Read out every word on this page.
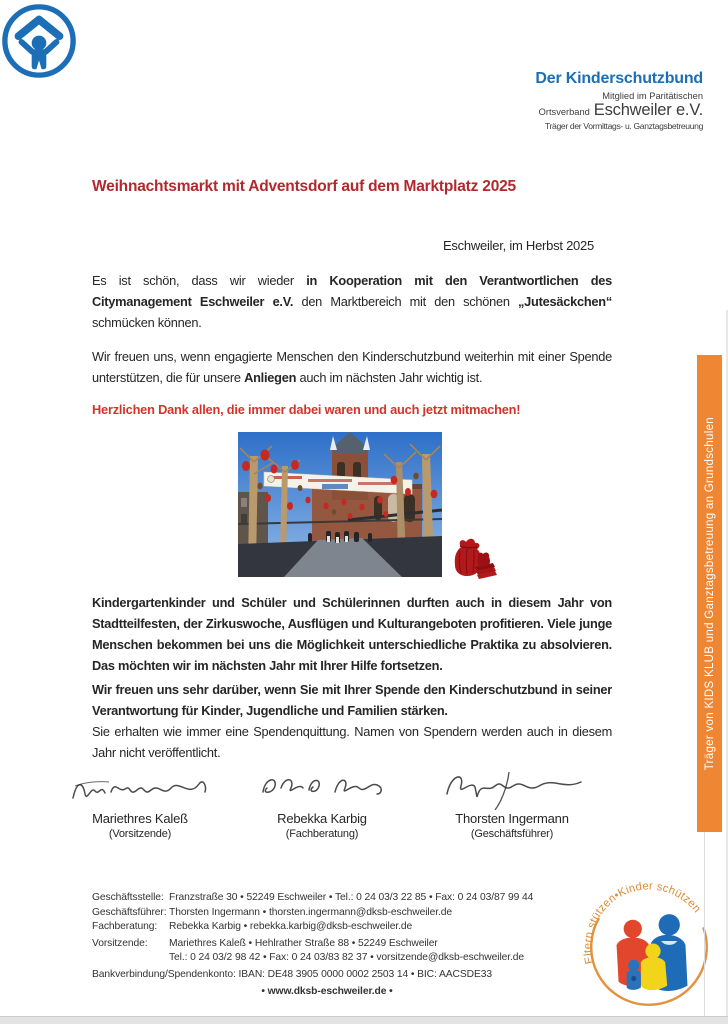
Der Kinderschutzbund
Mitglied im Paritätischen
Ortsverband Eschweiler e.V.
Träger der Vormittags- u. Ganztagsbetreuung
Weihnachtsmarkt mit Adventsdorf auf dem Marktplatz 2025
Eschweiler, im Herbst 2025

Es ist schön, dass wir wieder in Kooperation mit den Verantwortlichen des Citymanagement Eschweiler e.V. den Marktbereich mit den schönen „Jutesäckchen“ schmücken können.

Wir freuen uns, wenn engagierte Menschen den Kinderschutzbund weiterhin mit einer Spende unterstützen, die für unsere Anliegen auch im nächsten Jahr wichtig ist.

Herzlichen Dank allen, die immer dabei waren und auch jetzt mitmachen!

Kindergartenkinder und Schüler und Schülerinnen durften auch in diesem Jahr von Stadtteilfesten, der Zirkuswoche, Ausflügen und Kulturangeboten profitieren. Viele junge Menschen bekommen bei uns die Möglichkeit unterschiedliche Praktika zu absolvieren. Das möchten wir im nächsten Jahr mit Ihrer Hilfe fortsetzen.

Wir freuen uns sehr darüber, wenn Sie mit Ihrer Spende den Kinderschutzbund in seiner Verantwortung für Kinder, Jugendliche und Familien stärken.

Sie erhalten wie immer eine Spendenquittung. Namen von Spendern werden auch in diesem Jahr nicht veröffentlicht.

Mariethres Kaleß
(Vorsitzende)
Rebekka Karbig
(Fachberatung)
Thorsten Ingermann
(Geschäftsführer)
Geschäftsstelle: Franzstraße 30 • 52249 Eschweiler • Tel.: 0 24 03/3 22 85 • Fax: 0 24 03/87 99 44
Geschäftsführer: Thorsten Ingermann • thorsten.ingermann@dksb-eschweiler.de
Fachberatung:	Rebekka Karbig • rebekka.karbig@dksb-eschweiler.de
Vorsitzende:	Mariethres Kaleß • Hehlrather Straße 88 • 52249 Eschweiler
Tel.: 0 24 03/2 98 42 • Fax: 0 24 03/83 82 37 • vorsitzende@dksb-eschweiler.de
Bankverbindung/Spendenkonto: IBAN: DE48 3905 0000 0002 2503 14 • BIC: AACSDE33
• www.dksb-eschweiler.de •
Träger von KIDS KLUB und Ganztagsbetreuung an Grundschulen
Eltern stützen•Kinder schützen
